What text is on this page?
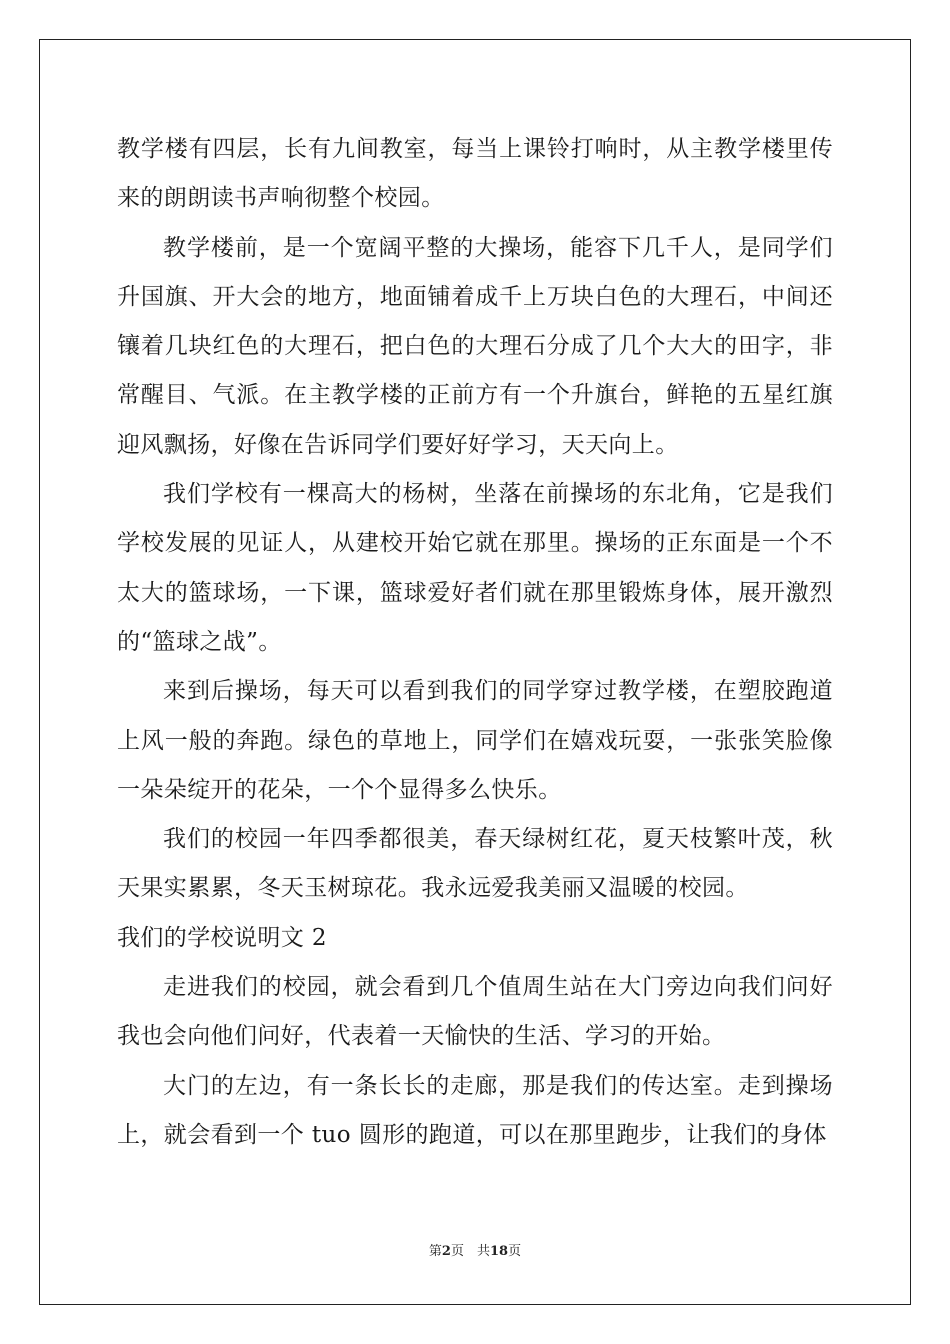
教学楼有四层，长有九间教室，每当上课铃打响时，从主教学楼里传来的朗朗读书声响彻整个校园。

教学楼前，是一个宽阔平整的大操场，能容下几千人，是同学们升国旗、开大会的地方，地面铺着成千上万块白色的大理石，中间还镶着几块红色的大理石，把白色的大理石分成了几个大大的田字，非常醒目、气派。在主教学楼的正前方有一个升旗台，鲜艳的五星红旗迎风飘扬，好像在告诉同学们要好好学习，天天向上。

我们学校有一棵高大的杨树，坐落在前操场的东北角，它是我们学校发展的见证人，从建校开始它就在那里。操场的正东面是一个不太大的篮球场，一下课，篮球爱好者们就在那里锻炼身体，展开激烈的“篮球之战”。

来到后操场，每天可以看到我们的同学穿过教学楼，在塑胶跑道上风一般的奔跑。绿色的草地上，同学们在嬉戏玩耍，一张张笑脸像一朵朵绽开的花朵，一个个显得多么快乐。

我们的校园一年四季都很美，春天绿树红花，夏天枝繁叶茂，秋天果实累累，冬天玉树琼花。我永远爱我美丽又温暖的校园。

我们的学校说明文 2

走进我们的校园，就会看到几个值周生站在大门旁边向我们问好我也会向他们问好，代表着一天愉快的生活、学习的开始。

大门的左边，有一条长长的走廊，那是我们的传达室。走到操场上，就会看到一个 tuo 圆形的跑道，可以在那里跑步，让我们的身体

第2页　共18页
